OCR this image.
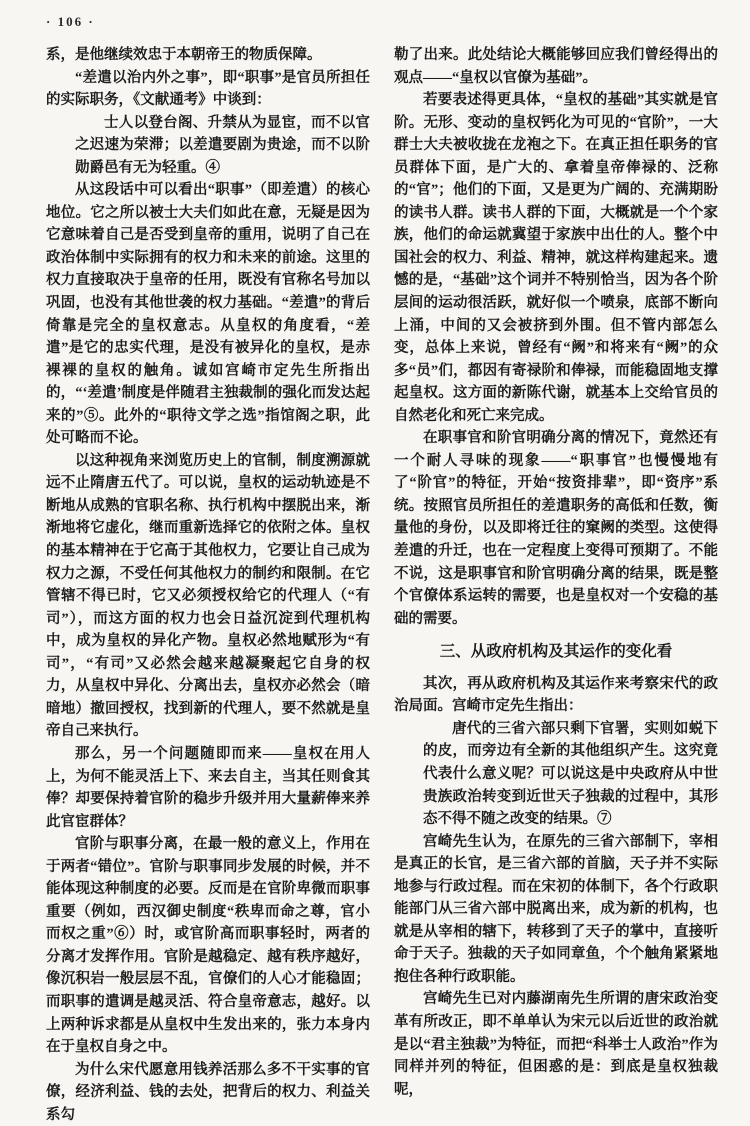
· 106 ·

系，是他继续效忠于本朝帝王的物质保障。

“差遣以治内外之事”，即“职事”是官员所担任的实际职务，《文献通考》中谈到：

士人以登台阁、升禁从为显宦，而不以官之迟速为荣滞；以差遣要剧为贵途，而不以阶勋爵邑有无为轻重。④

从这段话中可以看出“职事”（即差遣）的核心地位。它之所以被士大夫们如此在意，无疑是因为它意味着自己是否受到皇帝的重用，说明了自己在政治体制中实际拥有的权力和未来的前途。这里的权力直接取决于皇帝的任用，既没有官称名号加以巩固，也没有其他世袭的权力基础。“差遣”的背后倚靠是完全的皇权意志。从皇权的角度看，“差遣”是它的忠实代理，是没有被异化的皇权，是赤裸裸的皇权的触角。诚如宫崎市定先生所指出的，“‘差遣’制度是伴随君主独裁制的强化而发达起来的”⑤。此外的“职待文学之选”指馆阁之职，此处可略而不论。

以这种视角来浏览历史上的官制，制度溯源就远不止隋唐五代了。可以说，皇权的运动轨迹是不断地从成熟的官职名称、执行机构中摆脱出来，渐渐地将它虚化，继而重新选择它的依附之体。皇权的基本精神在于它高于其他权力，它要让自己成为权力之源，不受任何其他权力的制约和限制。在它管辖不得已时，它又必须授权给它的代理人（“有司”），而这方面的权力也会日益沉淀到代理机构中，成为皇权的异化产物。皇权必然地赋形为“有司”，“有司”又必然会越来越凝聚起它自身的权力，从皇权中异化、分离出去，皇权亦必然会（暗暗地）撤回授权，找到新的代理人，要不然就是皇帝自己来执行。

那么，另一个问题随即而来——皇权在用人上，为何不能灵活上下、来去自主，当其任则食其俸？却要保持着官阶的稳步升级并用大量薪俸来养此官宦群体？

官阶与职事分离，在最一般的意义上，作用在于两者“错位”。官阶与职事同步发展的时候，并不能体现这种制度的必要。反而是在官阶卑微而职事重要（例如，西汉御史制度“秩卑而命之尊，官小而权之重”⑥）时，或官阶高而职事轻时，两者的分离才发挥作用。官阶是越稳定、越有秩序越好，像沉积岩一般层层不乱，官僚们的人心才能稳固；而职事的遣调是越灵活、符合皇帝意志，越好。以上两种诉求都是从皇权中生发出来的，张力本身内在于皇权自身之中。

为什么宋代愿意用钱养活那么多不干实事的官僚，经济利益、钱的去处，把背后的权力、利益关系勾

勒了出来。此处结论大概能够回应我们曾经得出的观点——“皇权以官僚为基础”。

若要表述得更具体，“皇权的基础”其实就是官阶。无形、变动的皇权钙化为可见的“官阶”，一大群士大夫被收拢在龙袍之下。在真正担任职务的官员群体下面，是广大的、拿着皇帝俸禄的、泛称的“官”；他们的下面，又是更为广阔的、充满期盼的读书人群。读书人群的下面，大概就是一个个家族，他们的命运就冀望于家族中出仕的人。整个中国社会的权力、利益、精神，就这样构建起来。遗憾的是，“基础”这个词并不特别恰当，因为各个阶层间的运动很活跃，就好似一个喷泉，底部不断向上涌，中间的又会被挤到外围。但不管内部怎么变，总体上来说，曾经有“阙”和将来有“阙”的众多“员”们，都因有寄禄阶和俸禄，而能稳固地支撑起皇权。这方面的新陈代谢，就基本上交给官员的自然老化和死亡来完成。

在职事官和阶官明确分离的情况下，竟然还有一个耐人寻味的现象——“职事官”也慢慢地有了“阶官”的特征，开始“按资排辈”，即“资序”系统。按照官员所担任的差遣职务的高低和任数，衡量他的身份，以及即将迁往的窠阙的类型。这使得差遣的升迁，也在一定程度上变得可预期了。不能不说，这是职事官和阶官明确分离的结果，既是整个官僚体系运转的需要，也是皇权对一个安稳的基础的需要。

三、从政府机构及其运作的变化看

其次，再从政府机构及其运作来考察宋代的政治局面。宫崎市定先生指出：

唐代的三省六部只剩下官署，实则如蜕下的皮，而旁边有全新的其他组织产生。这究竟代表什么意义呢？可以说这是中央政府从中世贵族政治转变到近世天子独裁的过程中，其形态不得不随之改变的结果。⑦

宫崎先生认为，在原先的三省六部制下，宰相是真正的长官，是三省六部的首脑，天子并不实际地参与行政过程。而在宋初的体制下，各个行政职能部门从三省六部中脱离出来，成为新的机构，也就是从宰相的辖下，转移到了天子的掌中，直接听命于天子。独裁的天子如同章鱼，个个触角紧紧地抱住各种行政职能。

宫崎先生已对内藤湖南先生所谓的唐宋政治变革有所改正，即不单单认为宋元以后近世的政治就是以“君主独裁”为特征，而把“科举士人政治”作为同样并列的特征，但困惑的是：到底是皇权独裁呢，
